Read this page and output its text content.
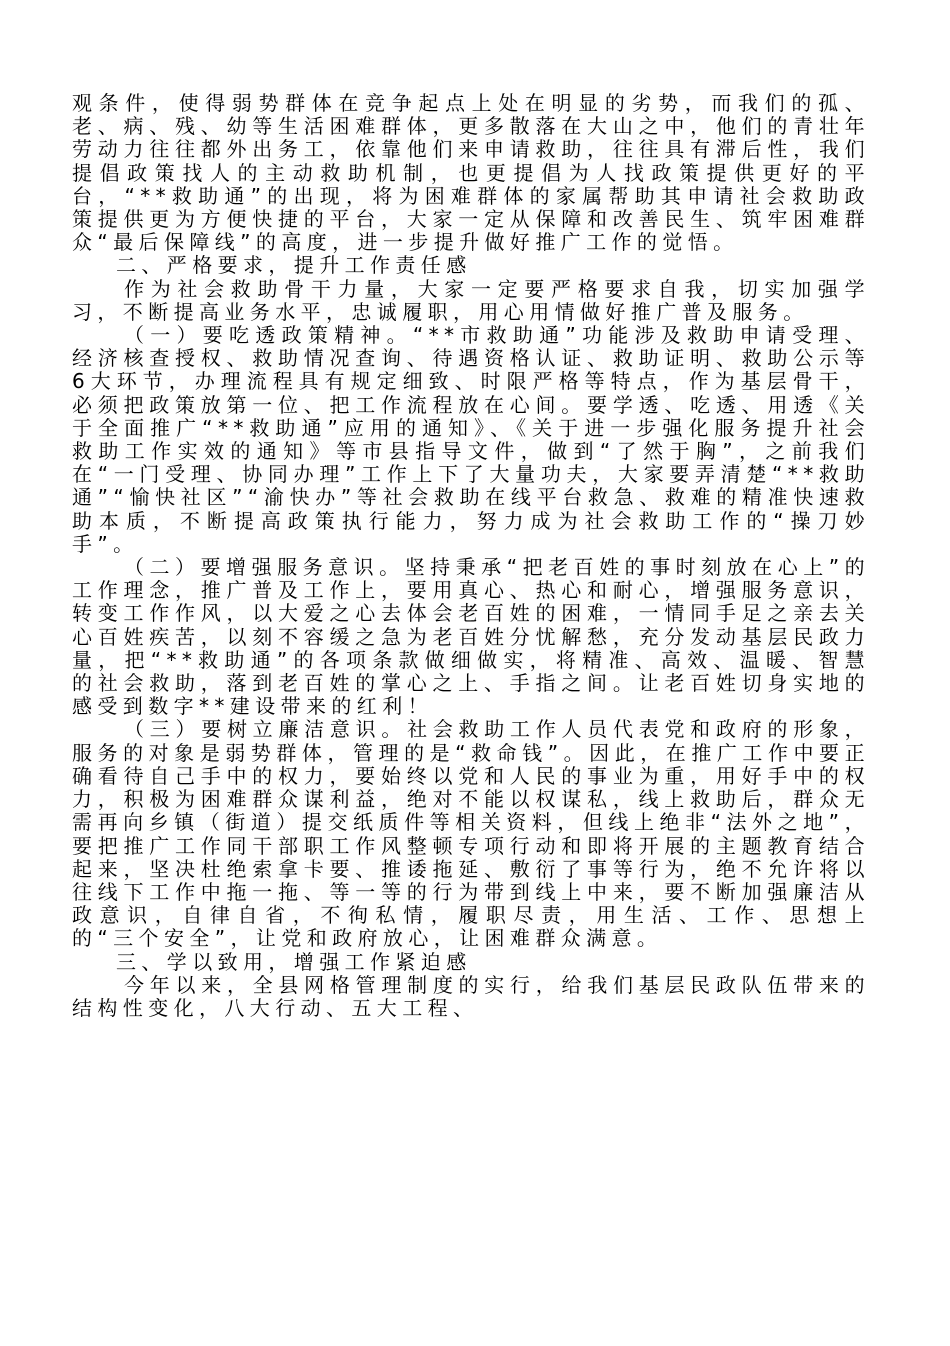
观条件，使得弱势群体在竞争起点上处在明显的劣势，而我们的孤、老、病、残、幼等生活困难群体，更多散落在大山之中，他们的青壮年劳动力往往都外出务工，依靠他们来申请救助，往往具有滞后性，我们提倡政策找人的主动救助机制，也更提倡为人找政策提供更好的平台，“**救助通”的出现，将为困难群体的家属帮助其申请社会救助政策提供更为方便快捷的平台，大家一定从保障和改善民生、筑牢困难群众“最后保障线”的高度，进一步提升做好推广工作的觉悟。

二、严格要求，提升工作责任感

作为社会救助骨干力量，大家一定要严格要求自我，切实加强学习，不断提高业务水平，忠诚履职，用心用情做好推广普及服务。

（一）要吃透政策精神。“**市救助通”功能涉及救助申请受理、经济核查授权、救助情况查询、待遇资格认证、救助证明、救助公示等6大环节，办理流程具有规定细致、时限严格等特点，作为基层骨干，必须把政策放第一位、把工作流程放在心间。要学透、吃透、用透《关于全面推广“**救助通”应用的通知》、《关于进一步强化服务提升社会救助工作实效的通知》等市县指导文件，做到“了然于胸”，之前我们在“一门受理、协同办理”工作上下了大量功夫，大家要弄清楚“**救助通”“愉快社区”“渝快办”等社会救助在线平台救急、救难的精准快速救助本质，不断提高政策执行能力，努力成为社会救助工作的“操刀妙手”。

（二）要增强服务意识。坚持秉承“把老百姓的事时刻放在心上”的工作理念，推广普及工作上，要用真心、热心和耐心，增强服务意识，转变工作作风，以大爱之心去体会老百姓的困难，一情同手足之亲去关心百姓疾苦，以刻不容缓之急为老百姓分忧解愁，充分发动基层民政力量，把“**救助通”的各项条款做细做实，将精准、高效、温暖、智慧的社会救助，落到老百姓的掌心之上、手指之间。让老百姓切身实地的感受到数字**建设带来的红利！

（三）要树立廉洁意识。社会救助工作人员代表党和政府的形象，服务的对象是弱势群体，管理的是“救命钱”。因此，在推广工作中要正确看待自己手中的权力，要始终以党和人民的事业为重，用好手中的权力，积极为困难群众谋利益，绝对不能以权谋私，线上救助后，群众无需再向乡镇（街道）提交纸质件等相关资料，但线上绝非“法外之地”，要把推广工作同干部职工作风整顿专项行动和即将开展的主题教育结合起来，坚决杜绝索拿卡要、推诿拖延、敷衍了事等行为，绝不允许将以往线下工作中拖一拖、等一等的行为带到线上中来，要不断加强廉洁从政意识，自律自省，不徇私情，履职尽责，用生活、工作、思想上的“三个安全”，让党和政府放心，让困难群众满意。

三、学以致用，增强工作紧迫感

今年以来，全县网格管理制度的实行，给我们基层民政队伍带来的结构性变化，八大行动、五大工程、
